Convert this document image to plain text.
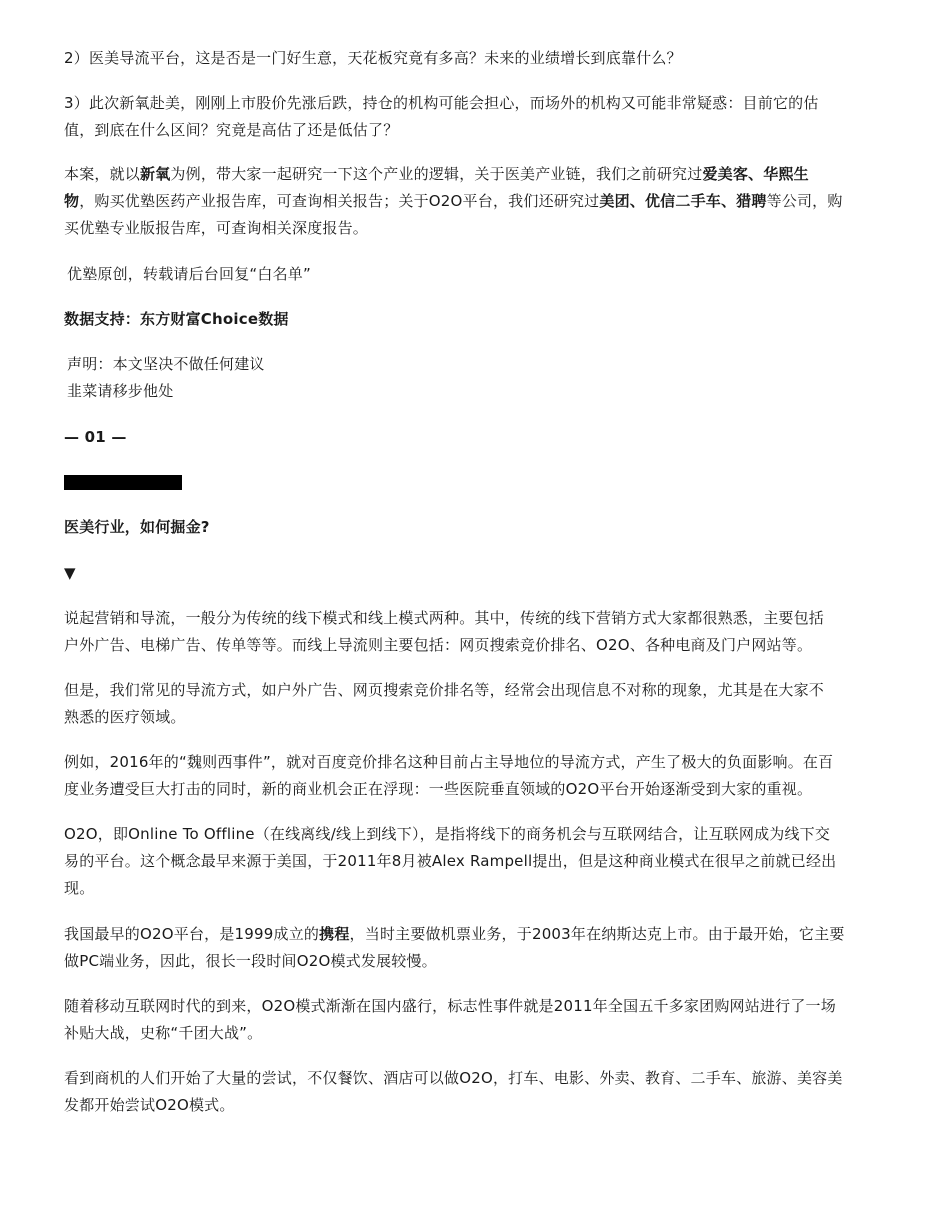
2）医美导流平台，这是否是一门好生意，天花板究竟有多高？未来的业绩增长到底靠什么？

3）此次新氧赴美，刚刚上市股价先涨后跌，持仓的机构可能会担心，而场外的机构又可能非常疑惑：目前它的估
值，到底在什么区间？究竟是高估了还是低估了？

本案，就以新氧为例，带大家一起研究一下这个产业的逻辑，关于医美产业链，我们之前研究过爱美客、华熙生
物，购买优塾医药产业报告库，可查询相关报告；关于O2O平台，我们还研究过美团、优信二手车、猎聘等公司，购
买优塾专业版报告库，可查询相关深度报告。

优塾原创，转载请后台回复“白名单”

数据支持：东方财富Choice数据

声明：本文坚决不做任何建议
韭菜请移步他处

— 01 —

医美行业，如何掘金?

▼

说起营销和导流，一般分为传统的线下模式和线上模式两种。其中，传统的线下营销方式大家都很熟悉，主要包括
户外广告、电梯广告、传单等等。而线上导流则主要包括：网页搜索竞价排名、O2O、各种电商及门户网站等。

但是，我们常见的导流方式，如户外广告、网页搜索竞价排名等，经常会出现信息不对称的现象，尤其是在大家不
熟悉的医疗领域。

例如，2016年的“魏则西事件”，就对百度竞价排名这种目前占主导地位的导流方式，产生了极大的负面影响。在百
度业务遭受巨大打击的同时，新的商业机会正在浮现：一些医院垂直领域的O2O平台开始逐渐受到大家的重视。

O2O，即Online To Offline（在线离线/线上到线下），是指将线下的商务机会与互联网结合，让互联网成为线下交
易的平台。这个概念最早来源于美国，于2011年8月被Alex Rampell提出，但是这种商业模式在很早之前就已经出
现。

我国最早的O2O平台，是1999成立的携程，当时主要做机票业务，于2003年在纳斯达克上市。由于最开始，它主要
做PC端业务，因此，很长一段时间O2O模式发展较慢。

随着移动互联网时代的到来，O2O模式渐渐在国内盛行，标志性事件就是2011年全国五千多家团购网站进行了一场
补贴大战，史称“千团大战”。

看到商机的人们开始了大量的尝试，不仅餐饮、酒店可以做O2O，打车、电影、外卖、教育、二手车、旅游、美容美
发都开始尝试O2O模式。
